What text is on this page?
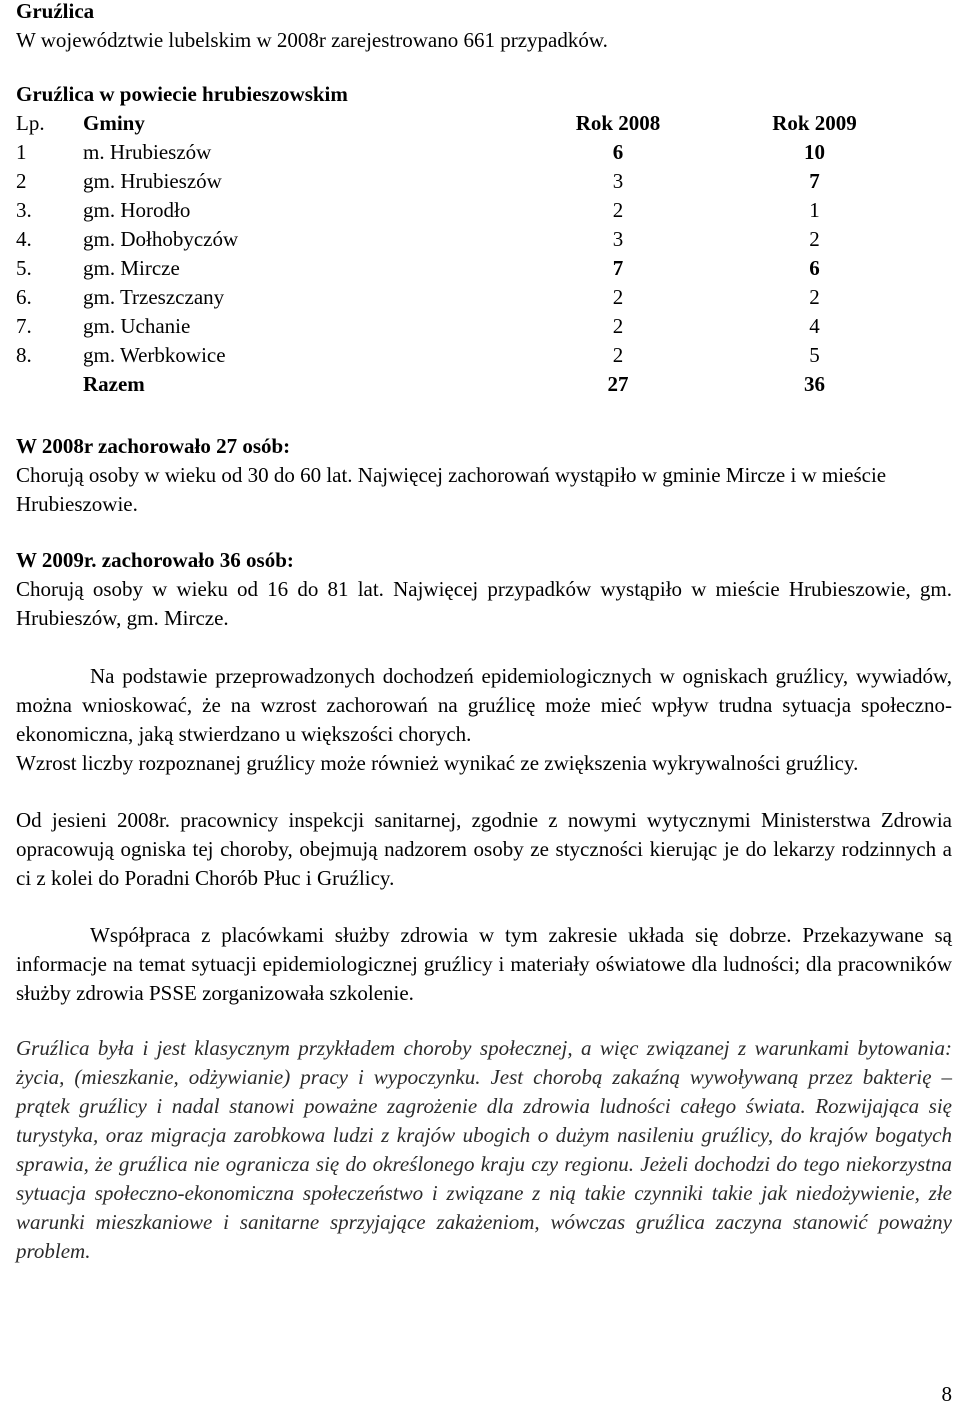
Gruźlica
W województwie lubelskim w 2008r zarejestrowano 661 przypadków.
Gruźlica w powiecie hrubieszowskim
Lp.	Gminy	Rok 2008	Rok 2009
1	m. Hrubieszów	6	10
2	gm. Hrubieszów	3	7
3.	gm. Horodło	2	1
4.	gm. Dołhobyczów	3	2
5.	gm. Mircze	7	6
6.	gm. Trzeszczany	2	2
7.	gm. Uchanie	2	4
8.	gm. Werbkowice	2	5
	Razem	27	36
W 2008r zachorowało 27 osób:
Chorują osoby w wieku od 30 do 60 lat. Najwięcej zachorowań wystąpiło w gminie Mircze i w mieście Hrubieszowie.
W 2009r. zachorowało 36 osób:
Chorują osoby w wieku od 16 do 81 lat. Najwięcej przypadków wystąpiło w mieście Hrubieszowie, gm. Hrubieszów, gm. Mircze.
Na podstawie przeprowadzonych dochodzeń epidemiologicznych w ogniskach gruźlicy, wywiadów, można wnioskować, że na wzrost zachorowań na gruźlicę może mieć wpływ trudna sytuacja społeczno-ekonomiczna, jaką stwierdzano u większości chorych.
Wzrost liczby rozpoznanej gruźlicy może również wynikać ze zwiększenia wykrywalności gruźlicy.
Od jesieni 2008r. pracownicy inspekcji sanitarnej, zgodnie z nowymi wytycznymi Ministerstwa Zdrowia opracowują ogniska tej choroby, obejmują nadzorem osoby ze styczności kierując je do lekarzy rodzinnych a ci z kolei do Poradni Chorób Płuc i Gruźlicy.
Współpraca z placówkami służby zdrowia w tym zakresie układa się dobrze. Przekazywane są informacje na temat sytuacji epidemiologicznej gruźlicy i materiały oświatowe dla ludności; dla pracowników służby zdrowia PSSE zorganizowała szkolenie.
Gruźlica była i jest klasycznym przykładem choroby społecznej, a więc związanej z warunkami bytowania: życia, (mieszkanie, odżywianie) pracy i wypoczynku. Jest chorobą zakaźną wywoływaną przez bakterię – prątek gruźlicy i nadal stanowi poważne zagrożenie dla zdrowia ludności całego świata. Rozwijająca się turystyka, oraz migracja zarobkowa ludzi z krajów ubogich o dużym nasileniu gruźlicy, do krajów bogatych sprawia, że gruźlica nie ogranicza się do określonego kraju czy regionu. Jeżeli dochodzi do tego niekorzystna sytuacja społeczno-ekonomiczna społeczeństwo i związane z nią takie czynniki takie jak niedożywienie, złe warunki mieszkaniowe i sanitarne sprzyjające zakażeniom, wówczas gruźlica zaczyna stanowić poważny problem.
8
